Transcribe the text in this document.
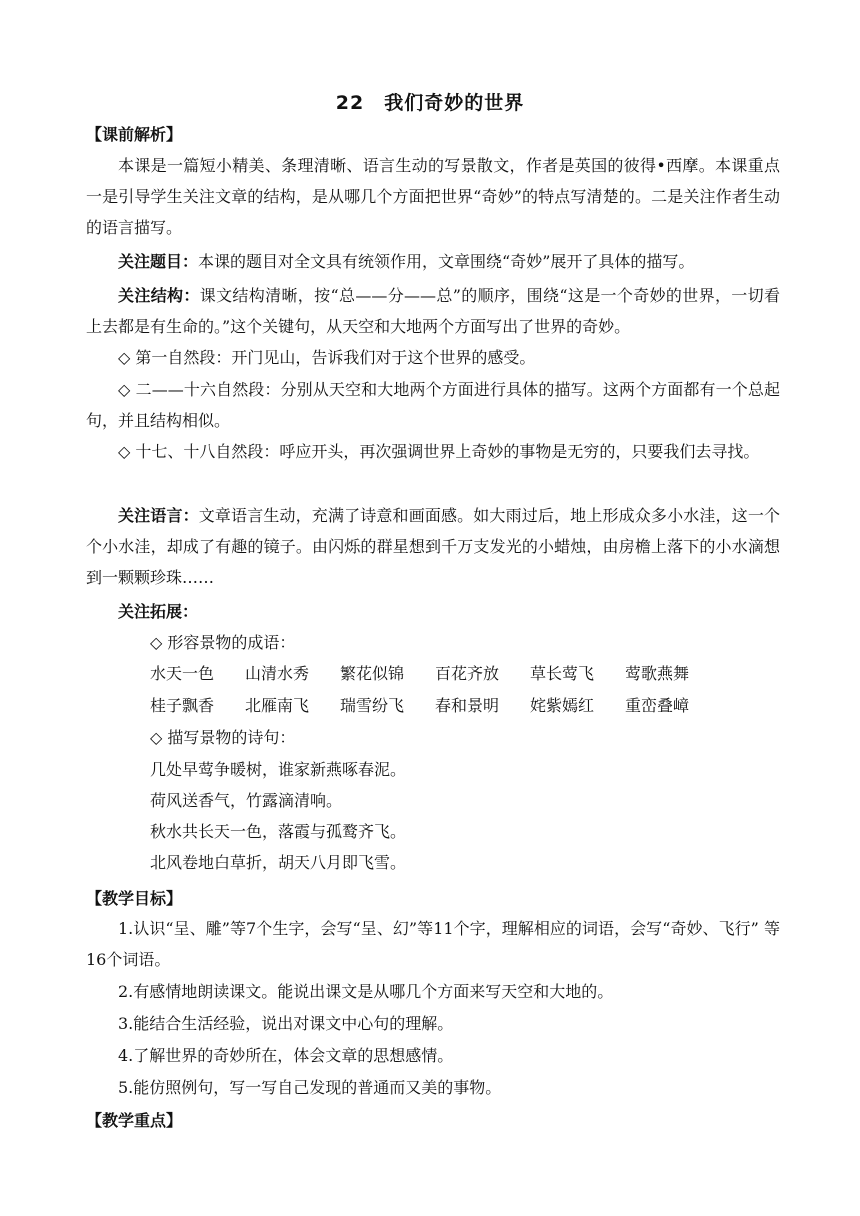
22　我们奇妙的世界
【课前解析】
本课是一篇短小精美、条理清晰、语言生动的写景散文，作者是英国的彼得•西摩。本课重点一是引导学生关注文章的结构，是从哪几个方面把世界“奇妙”的特点写清楚的。二是关注作者生动的语言描写。
关注题目：本课的题目对全文具有统领作用，文章围绕“奇妙”展开了具体的描写。
关注结构：课文结构清晰，按“总——分——总”的顺序，围绕“这是一个奇妙的世界，一切看上去都是有生命的。”这个关键句，从天空和大地两个方面写出了世界的奇妙。
◇ 第一自然段：开门见山，告诉我们对于这个世界的感受。
◇ 二——十六自然段：分别从天空和大地两个方面进行具体的描写。这两个方面都有一个总起句，并且结构相似。
◇ 十七、十八自然段：呼应开头，再次强调世界上奇妙的事物是无穷的，只要我们去寻找。
关注语言：文章语言生动，充满了诗意和画面感。如大雨过后，地上形成众多小水洼，这一个个小水洼，却成了有趣的镜子。由闪烁的群星想到千万支发光的小蜡烛，由房檐上落下的小水滴想到一颗颗珍珠……
关注拓展：
◇ 形容景物的成语：
水天一色	山清水秀	繁花似锦	百花齐放	草长莺飞	莺歌燕舞
桂子飘香	北雁南飞	瑞雪纷飞	春和景明	姹紫嫣红	重峦叠嶂
◇ 描写景物的诗句：
几处早莺争暖树，谁家新燕啄春泥。
荷风送香气，竹露滴清响。
秋水共长天一色，落霞与孤鹜齐飞。
北风卷地白草折，胡天八月即飞雪。
【教学目标】
1.认识“呈、雕”等7个生字，会写“呈、幻”等11个字，理解相应的词语，会写“奇妙、飞行” 等16个词语。
2.有感情地朗读课文。能说出课文是从哪几个方面来写天空和大地的。
3.能结合生活经验，说出对课文中心句的理解。
4.了解世界的奇妙所在，体会文章的思想感情。
5.能仿照例句，写一写自己发现的普通而又美的事物。
【教学重点】
